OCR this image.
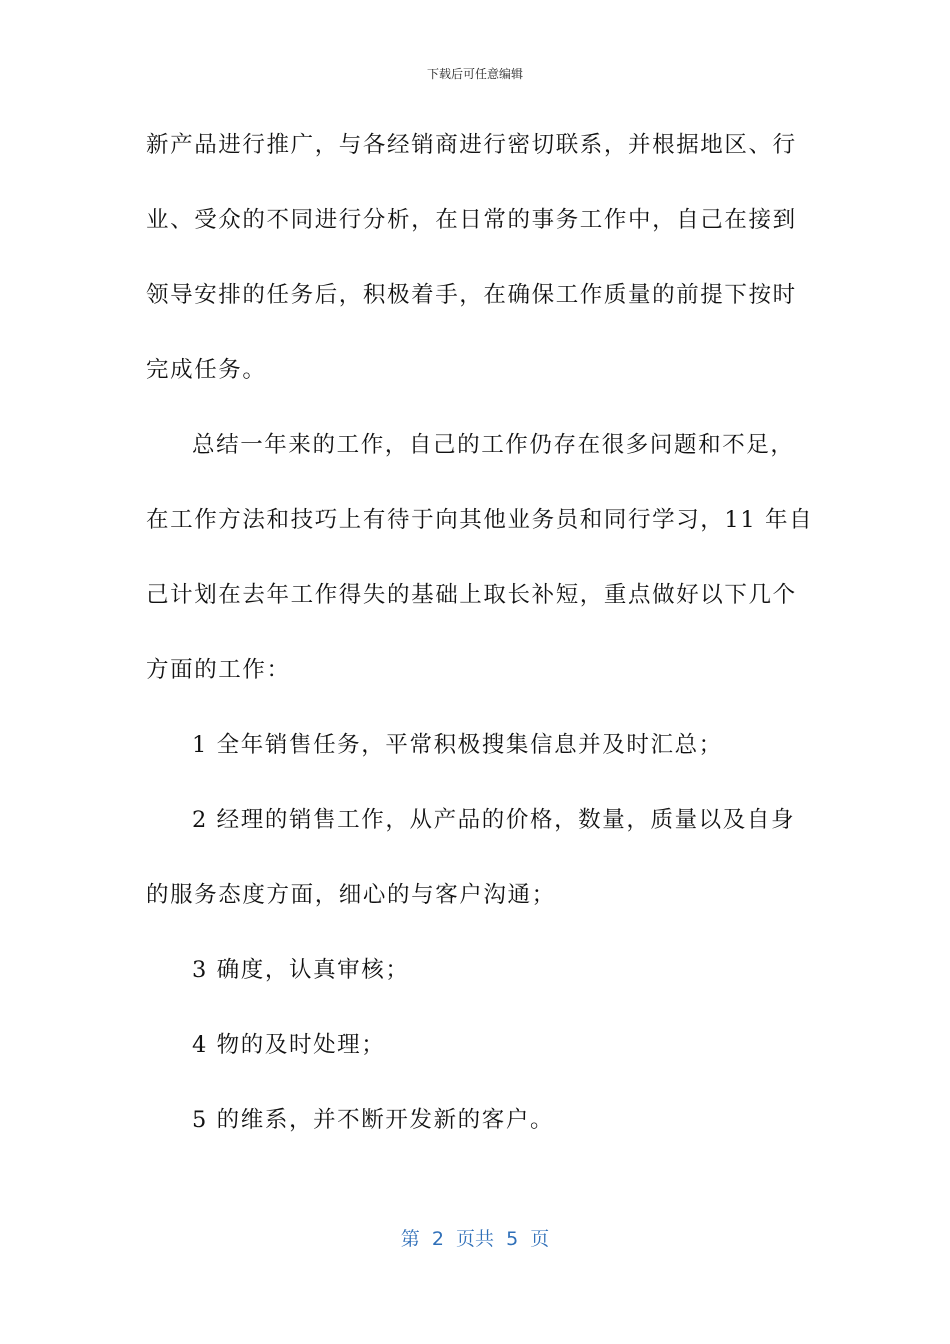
下载后可任意编辑
新产品进行推广，与各经销商进行密切联系，并根据地区、行
业、受众的不同进行分析，在日常的事务工作中，自己在接到
领导安排的任务后，积极着手，在确保工作质量的前提下按时
完成任务。
总结一年来的工作，自己的工作仍存在很多问题和不足，
在工作方法和技巧上有待于向其他业务员和同行学习，11 年自
己计划在去年工作得失的基础上取长补短，重点做好以下几个
方面的工作：
1 全年销售任务，平常积极搜集信息并及时汇总；
2 经理的销售工作，从产品的价格，数量，质量以及自身
的服务态度方面，细心的与客户沟通；
3 确度，认真审核；
4 物的及时处理；
5 的维系，并不断开发新的客户。
第  2  页共  5  页
